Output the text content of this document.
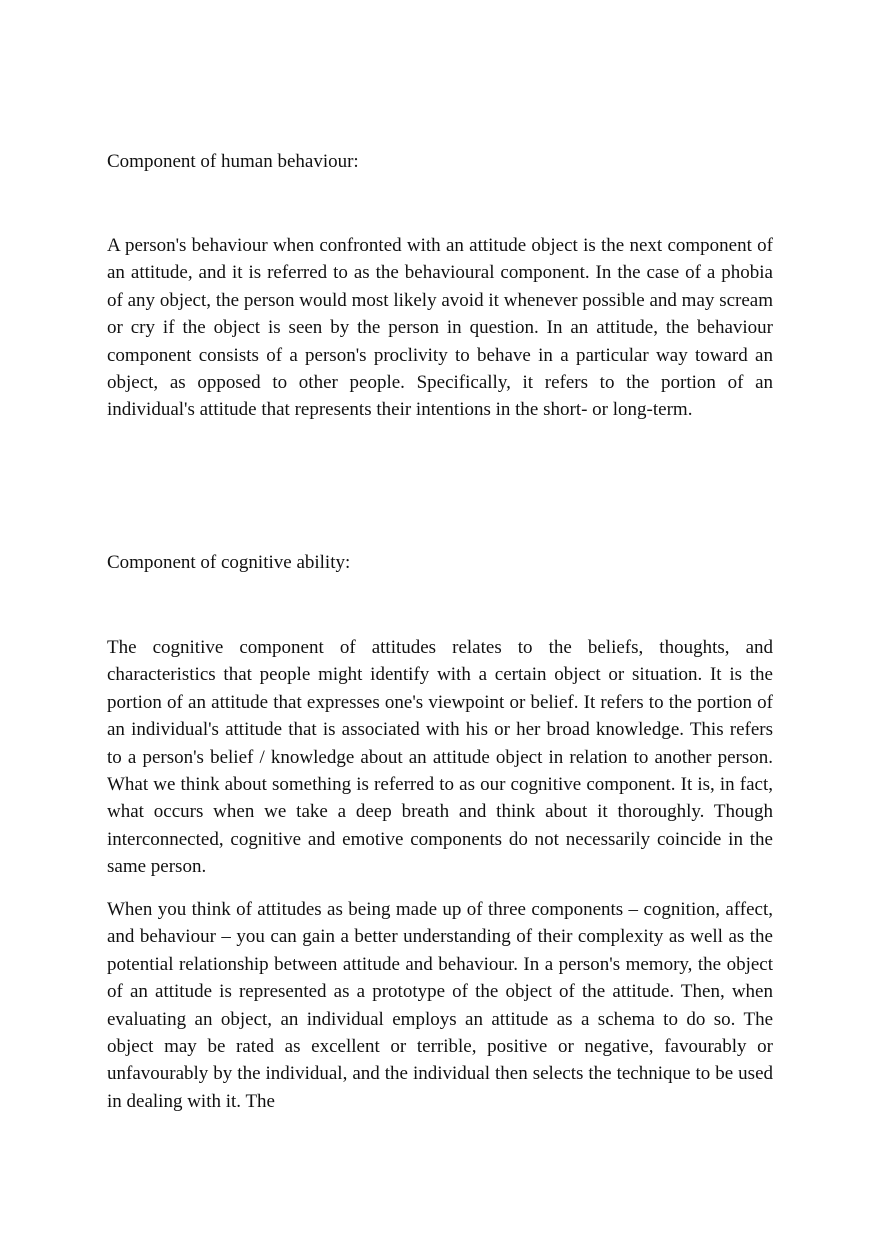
Component of human behaviour:

A person's behaviour when confronted with an attitude object is the next component of an attitude, and it is referred to as the behavioural component. In the case of a phobia of any object, the person would most likely avoid it whenever possible and may scream or cry if the object is seen by the person in question. In an attitude, the behaviour component consists of a person's proclivity to behave in a particular way toward an object, as opposed to other people. Specifically, it refers to the portion of an individual's attitude that represents their intentions in the short- or long-term.

Component of cognitive ability:

The cognitive component of attitudes relates to the beliefs, thoughts, and characteristics that people might identify with a certain object or situation. It is the portion of an attitude that expresses one's viewpoint or belief. It refers to the portion of an individual's attitude that is associated with his or her broad knowledge. This refers to a person's belief / knowledge about an attitude object in relation to another person. What we think about something is referred to as our cognitive component. It is, in fact, what occurs when we take a deep breath and think about it thoroughly. Though interconnected, cognitive and emotive components do not necessarily coincide in the same person.

When you think of attitudes as being made up of three components – cognition, affect, and behaviour – you can gain a better understanding of their complexity as well as the potential relationship between attitude and behaviour. In a person's memory, the object of an attitude is represented as a prototype of the object of the attitude. Then, when evaluating an object, an individual employs an attitude as a schema to do so. The object may be rated as excellent or terrible, positive or negative, favourably or unfavourably by the individual, and the individual then selects the technique to be used in dealing with it. The
